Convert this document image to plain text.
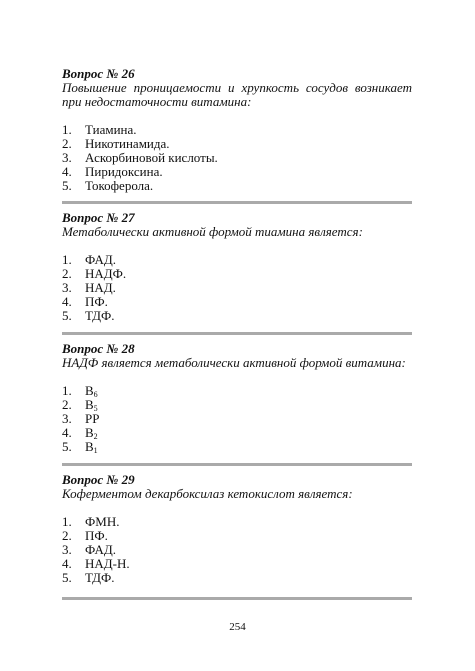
Вопрос № 26

Повышение проницаемости и хрупкость сосудов возникает при недостаточности витамина:

1. Тиамина.
2. Никотинамида.
3. Аскорбиновой кислоты.
4. Пиридоксина.
5. Токоферола.

Вопрос № 27

Метаболически активной формой тиамина является:

1. ФАД.
2. НАДФ.
3. НАД.
4. ПФ.
5. ТДФ.

Вопрос № 28

НАДФ является метаболически активной формой витамина:

1. $B_6$
2. $B_5$
3. PP
4. $B_2$
5. $B_1$

Вопрос № 29

Коферментом декарбоксилаз кетокислот является:

1. ФМН.
2. ПФ.
3. ФАД.
4. НАД-Н.
5. ТДФ.
254
